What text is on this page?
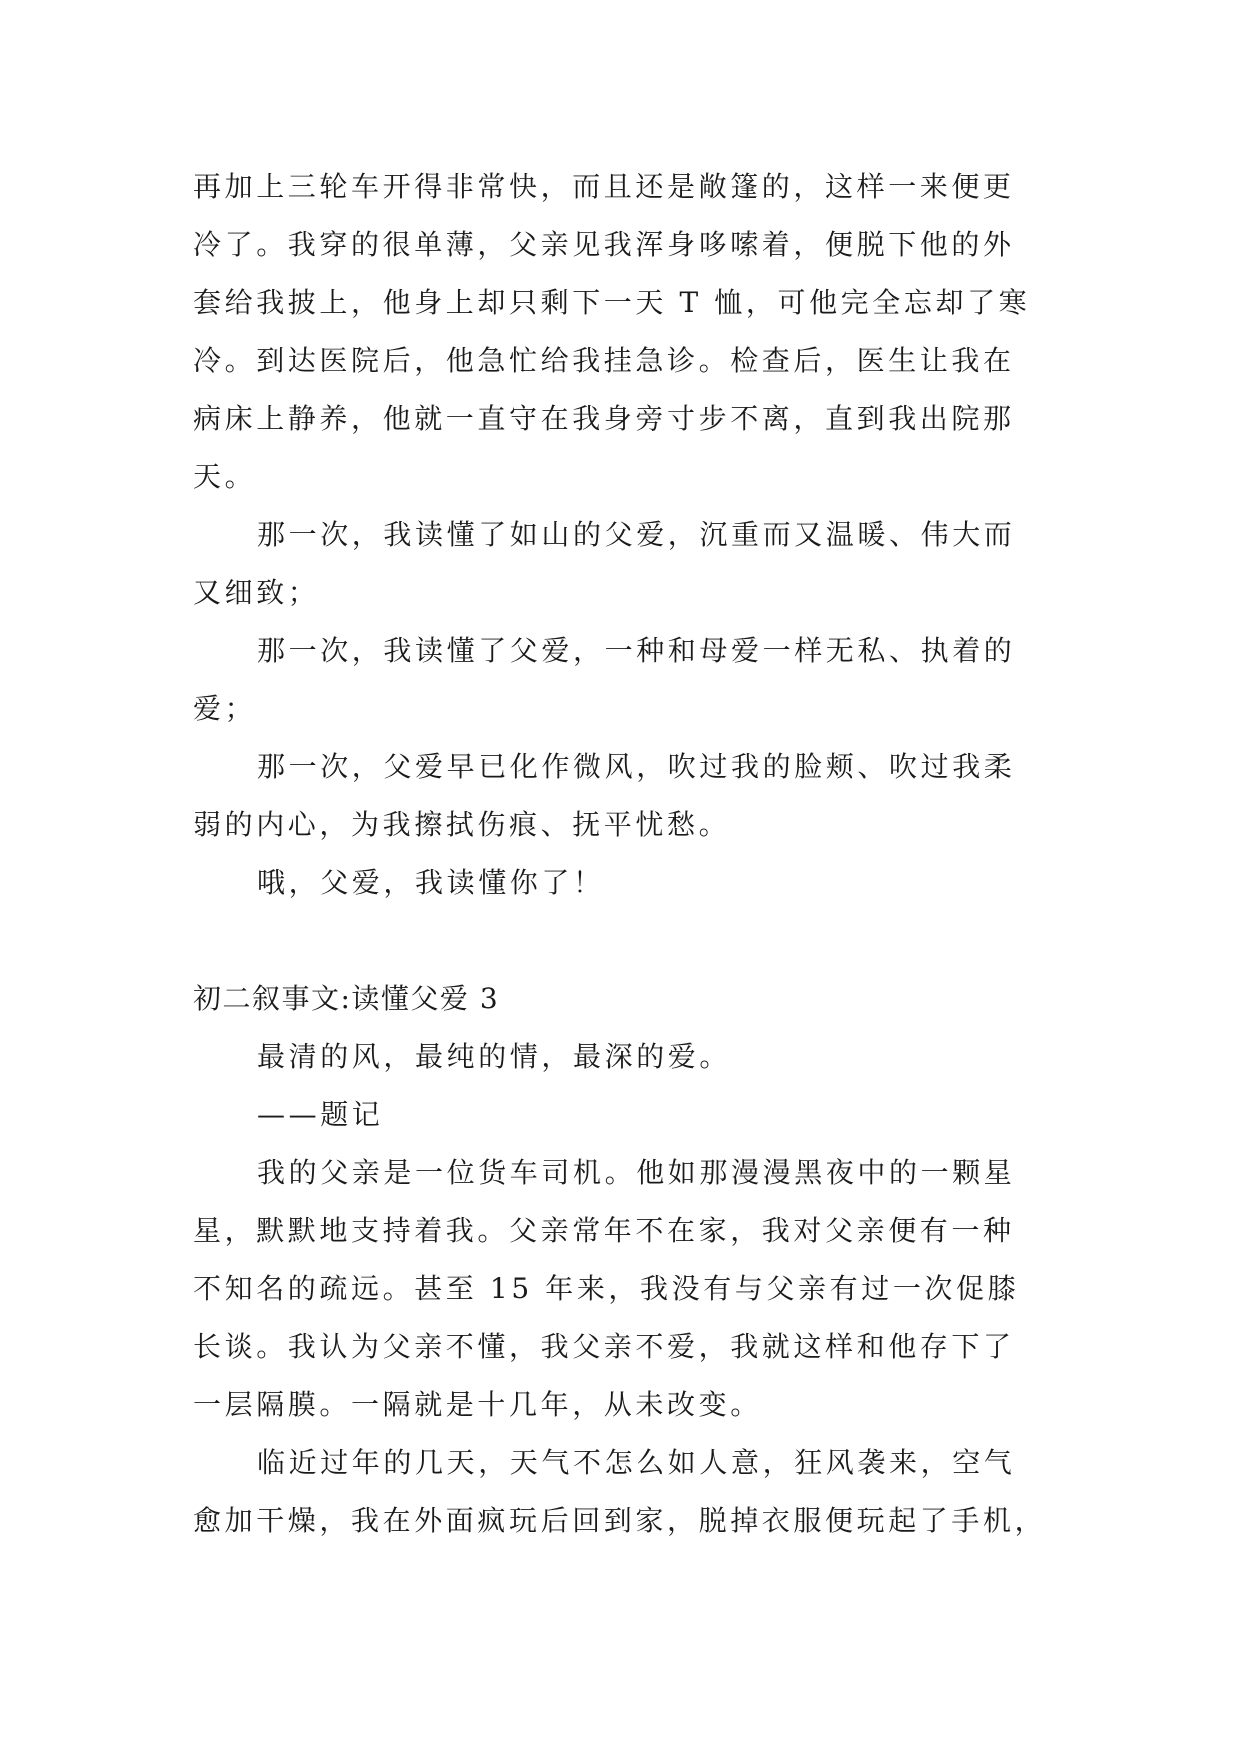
再加上三轮车开得非常快，而且还是敞篷的，这样一来便更
冷了。我穿的很单薄，父亲见我浑身哆嗦着，便脱下他的外
套给我披上，他身上却只剩下一天 T 恤，可他完全忘却了寒
冷。到达医院后，他急忙给我挂急诊。检查后，医生让我在
病床上静养，他就一直守在我身旁寸步不离，直到我出院那
天。
那一次，我读懂了如山的父爱，沉重而又温暖、伟大而
又细致；
那一次，我读懂了父爱，一种和母爱一样无私、执着的
爱；
那一次，父爱早已化作微风，吹过我的脸颊、吹过我柔
弱的内心，为我擦拭伤痕、抚平忧愁。
哦，父爱，我读懂你了！
初二叙事文:读懂父爱 3
最清的风，最纯的情，最深的爱。
——题记
我的父亲是一位货车司机。他如那漫漫黑夜中的一颗星
星，默默地支持着我。父亲常年不在家，我对父亲便有一种
不知名的疏远。甚至 15 年来，我没有与父亲有过一次促膝
长谈。我认为父亲不懂，我父亲不爱，我就这样和他存下了
一层隔膜。一隔就是十几年，从未改变。
临近过年的几天，天气不怎么如人意，狂风袭来，空气
愈加干燥，我在外面疯玩后回到家，脱掉衣服便玩起了手机，
